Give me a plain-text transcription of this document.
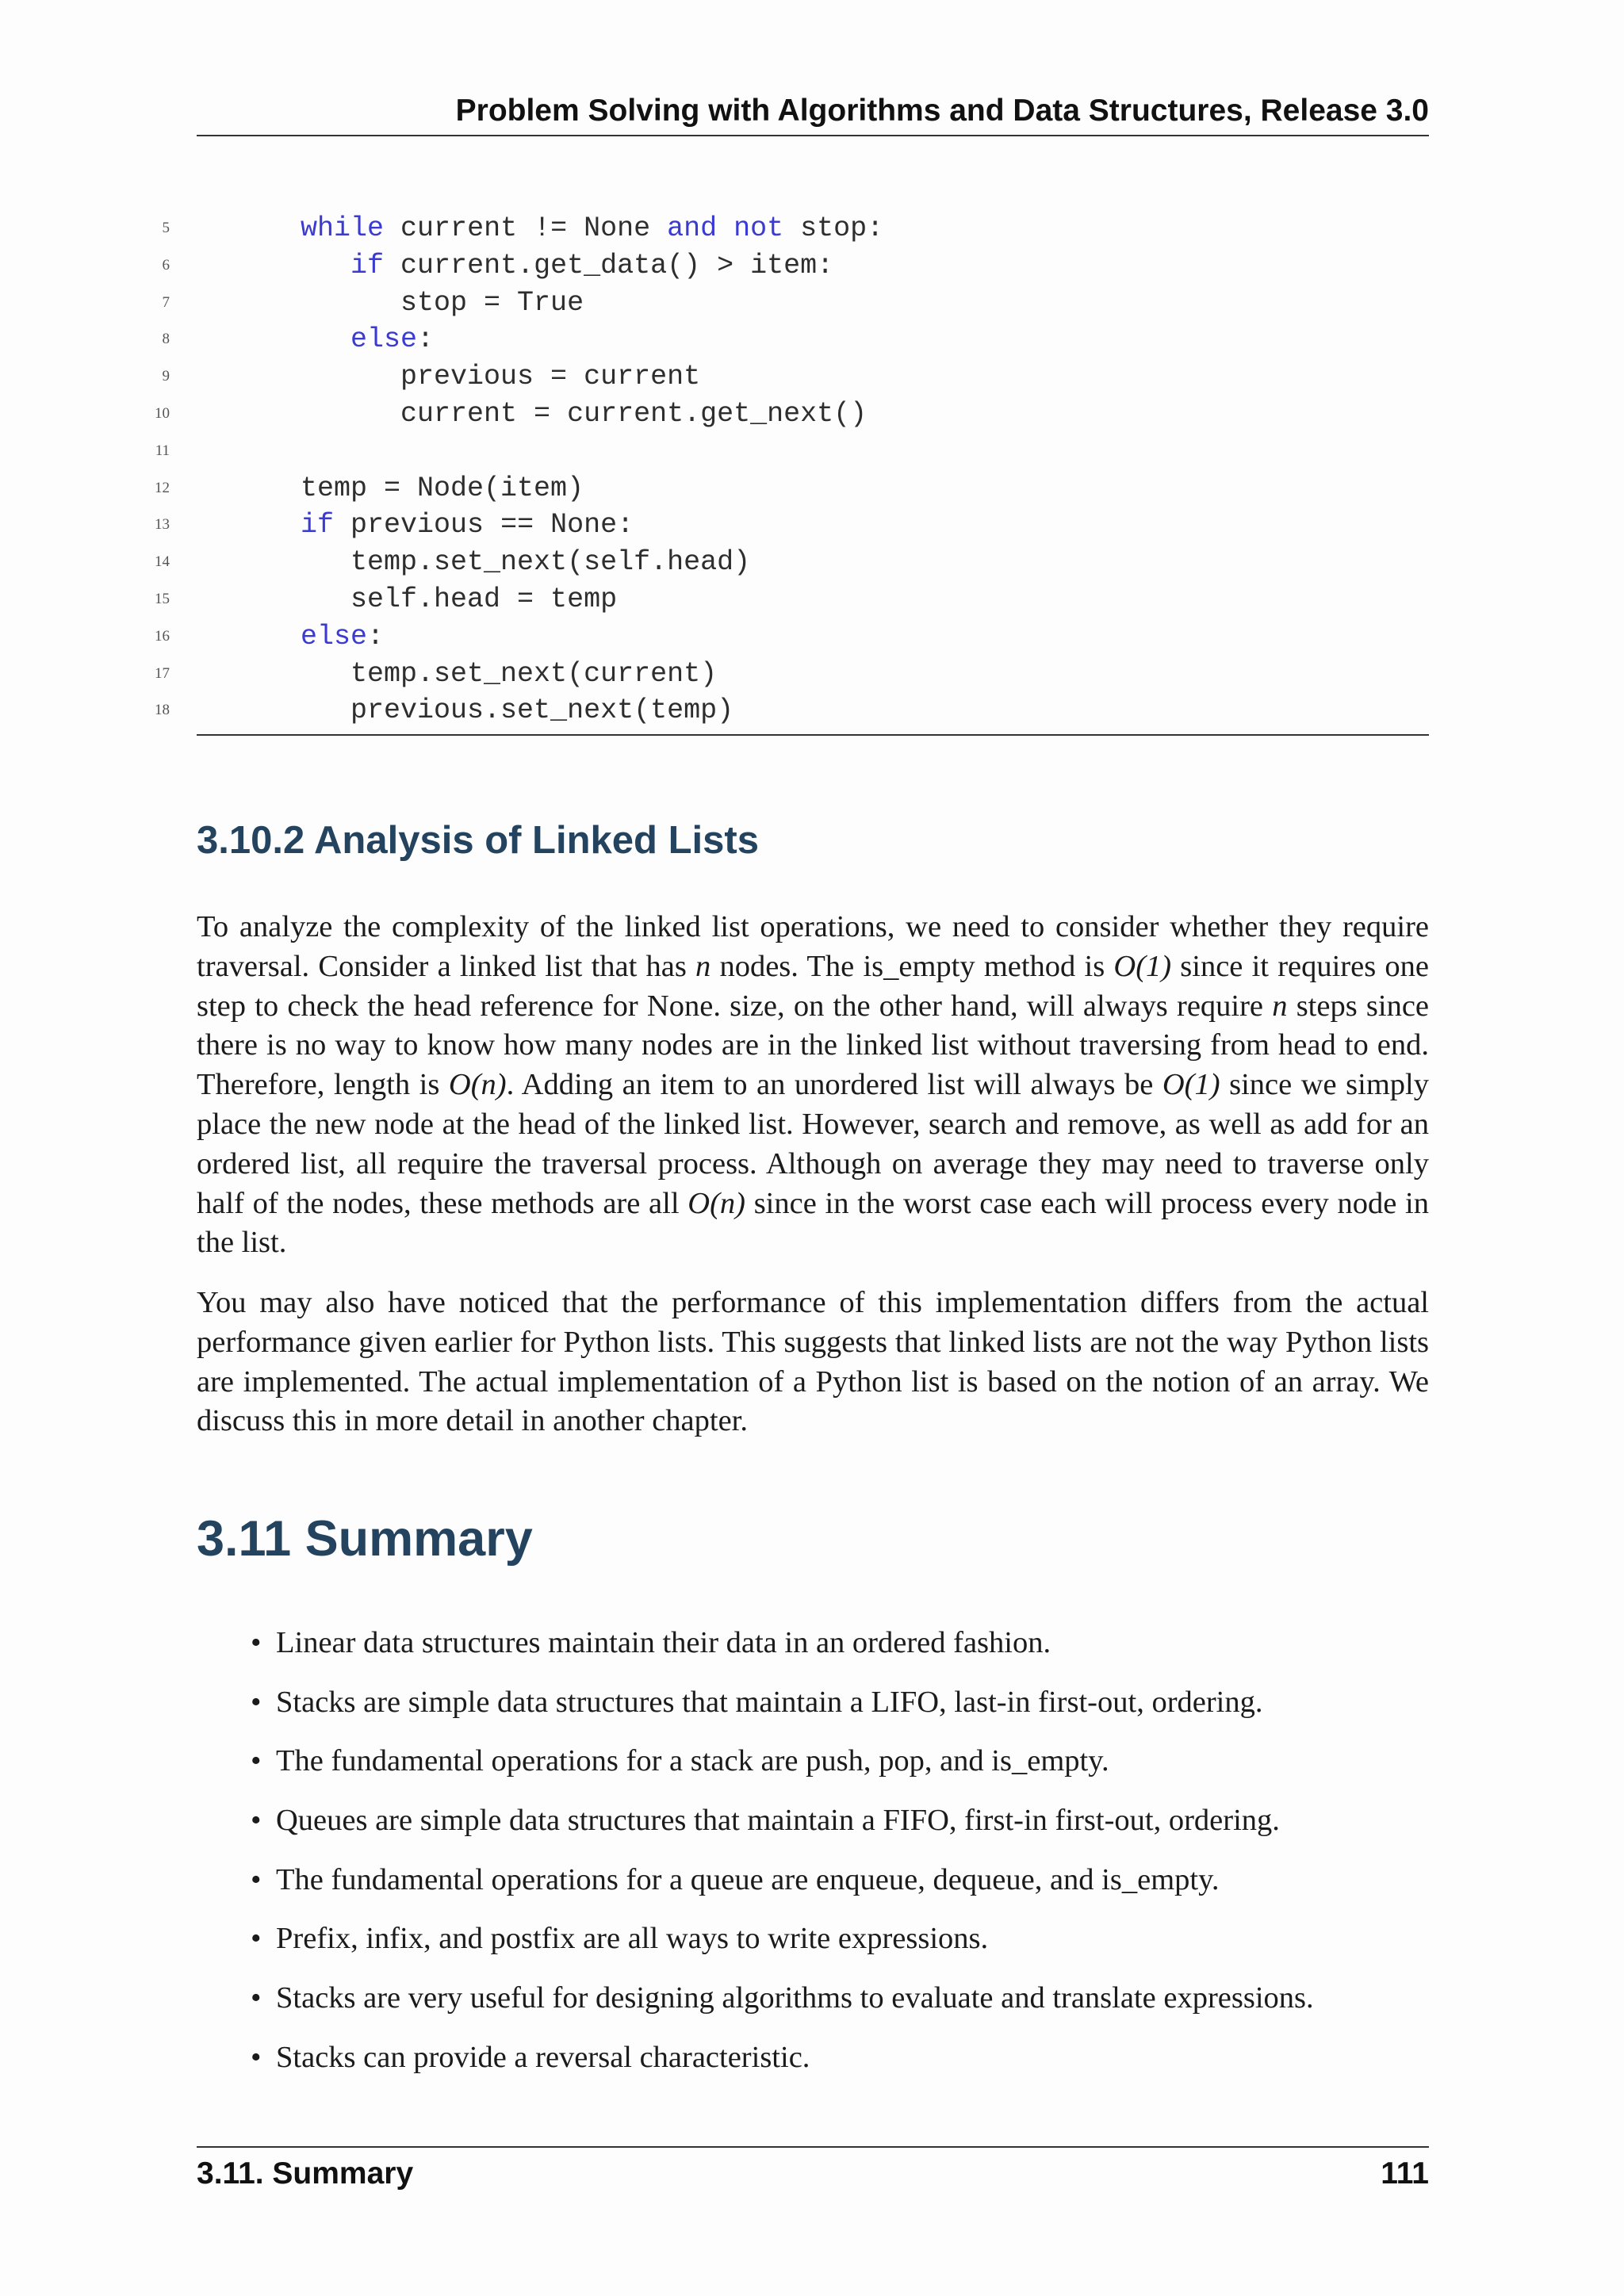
Problem Solving with Algorithms and Data Structures, Release 3.0
5	while current != None and not stop:
6	if current.get_data() > item:
7	stop = True
8	else:
9	previous = current
10	current = current.get_next()
11
12	temp = Node(item)
13	if previous == None:
14	temp.set_next(self.head)
15	self.head = temp
16	else:
17	temp.set_next(current)
18	previous.set_next(temp)
3.10.2 Analysis of Linked Lists

To analyze the complexity of the linked list operations, we need to consider whether they require traversal. Consider a linked list that has n nodes. The is_empty method is O(1) since it requires one step to check the head reference for None. size, on the other hand, will always require n steps since there is no way to know how many nodes are in the linked list without traversing from head to end. Therefore, length is O(n). Adding an item to an unordered list will always be O(1) since we simply place the new node at the head of the linked list. However, search and remove, as well as add for an ordered list, all require the traversal process. Although on average they may need to traverse only half of the nodes, these methods are all O(n) since in the worst case each will process every node in the list.

You may also have noticed that the performance of this implementation differs from the actual performance given earlier for Python lists. This suggests that linked lists are not the way Python lists are implemented. The actual implementation of a Python list is based on the notion of an array. We discuss this in more detail in another chapter.

3.11 Summary
• Linear data structures maintain their data in an ordered fashion.
• Stacks are simple data structures that maintain a LIFO, last-in first-out, ordering.
• The fundamental operations for a stack are push, pop, and is_empty.
• Queues are simple data structures that maintain a FIFO, first-in first-out, ordering.
• The fundamental operations for a queue are enqueue, dequeue, and is_empty.
• Prefix, infix, and postfix are all ways to write expressions.
• Stacks are very useful for designing algorithms to evaluate and translate expressions.
• Stacks can provide a reversal characteristic.
3.11. Summary	111
